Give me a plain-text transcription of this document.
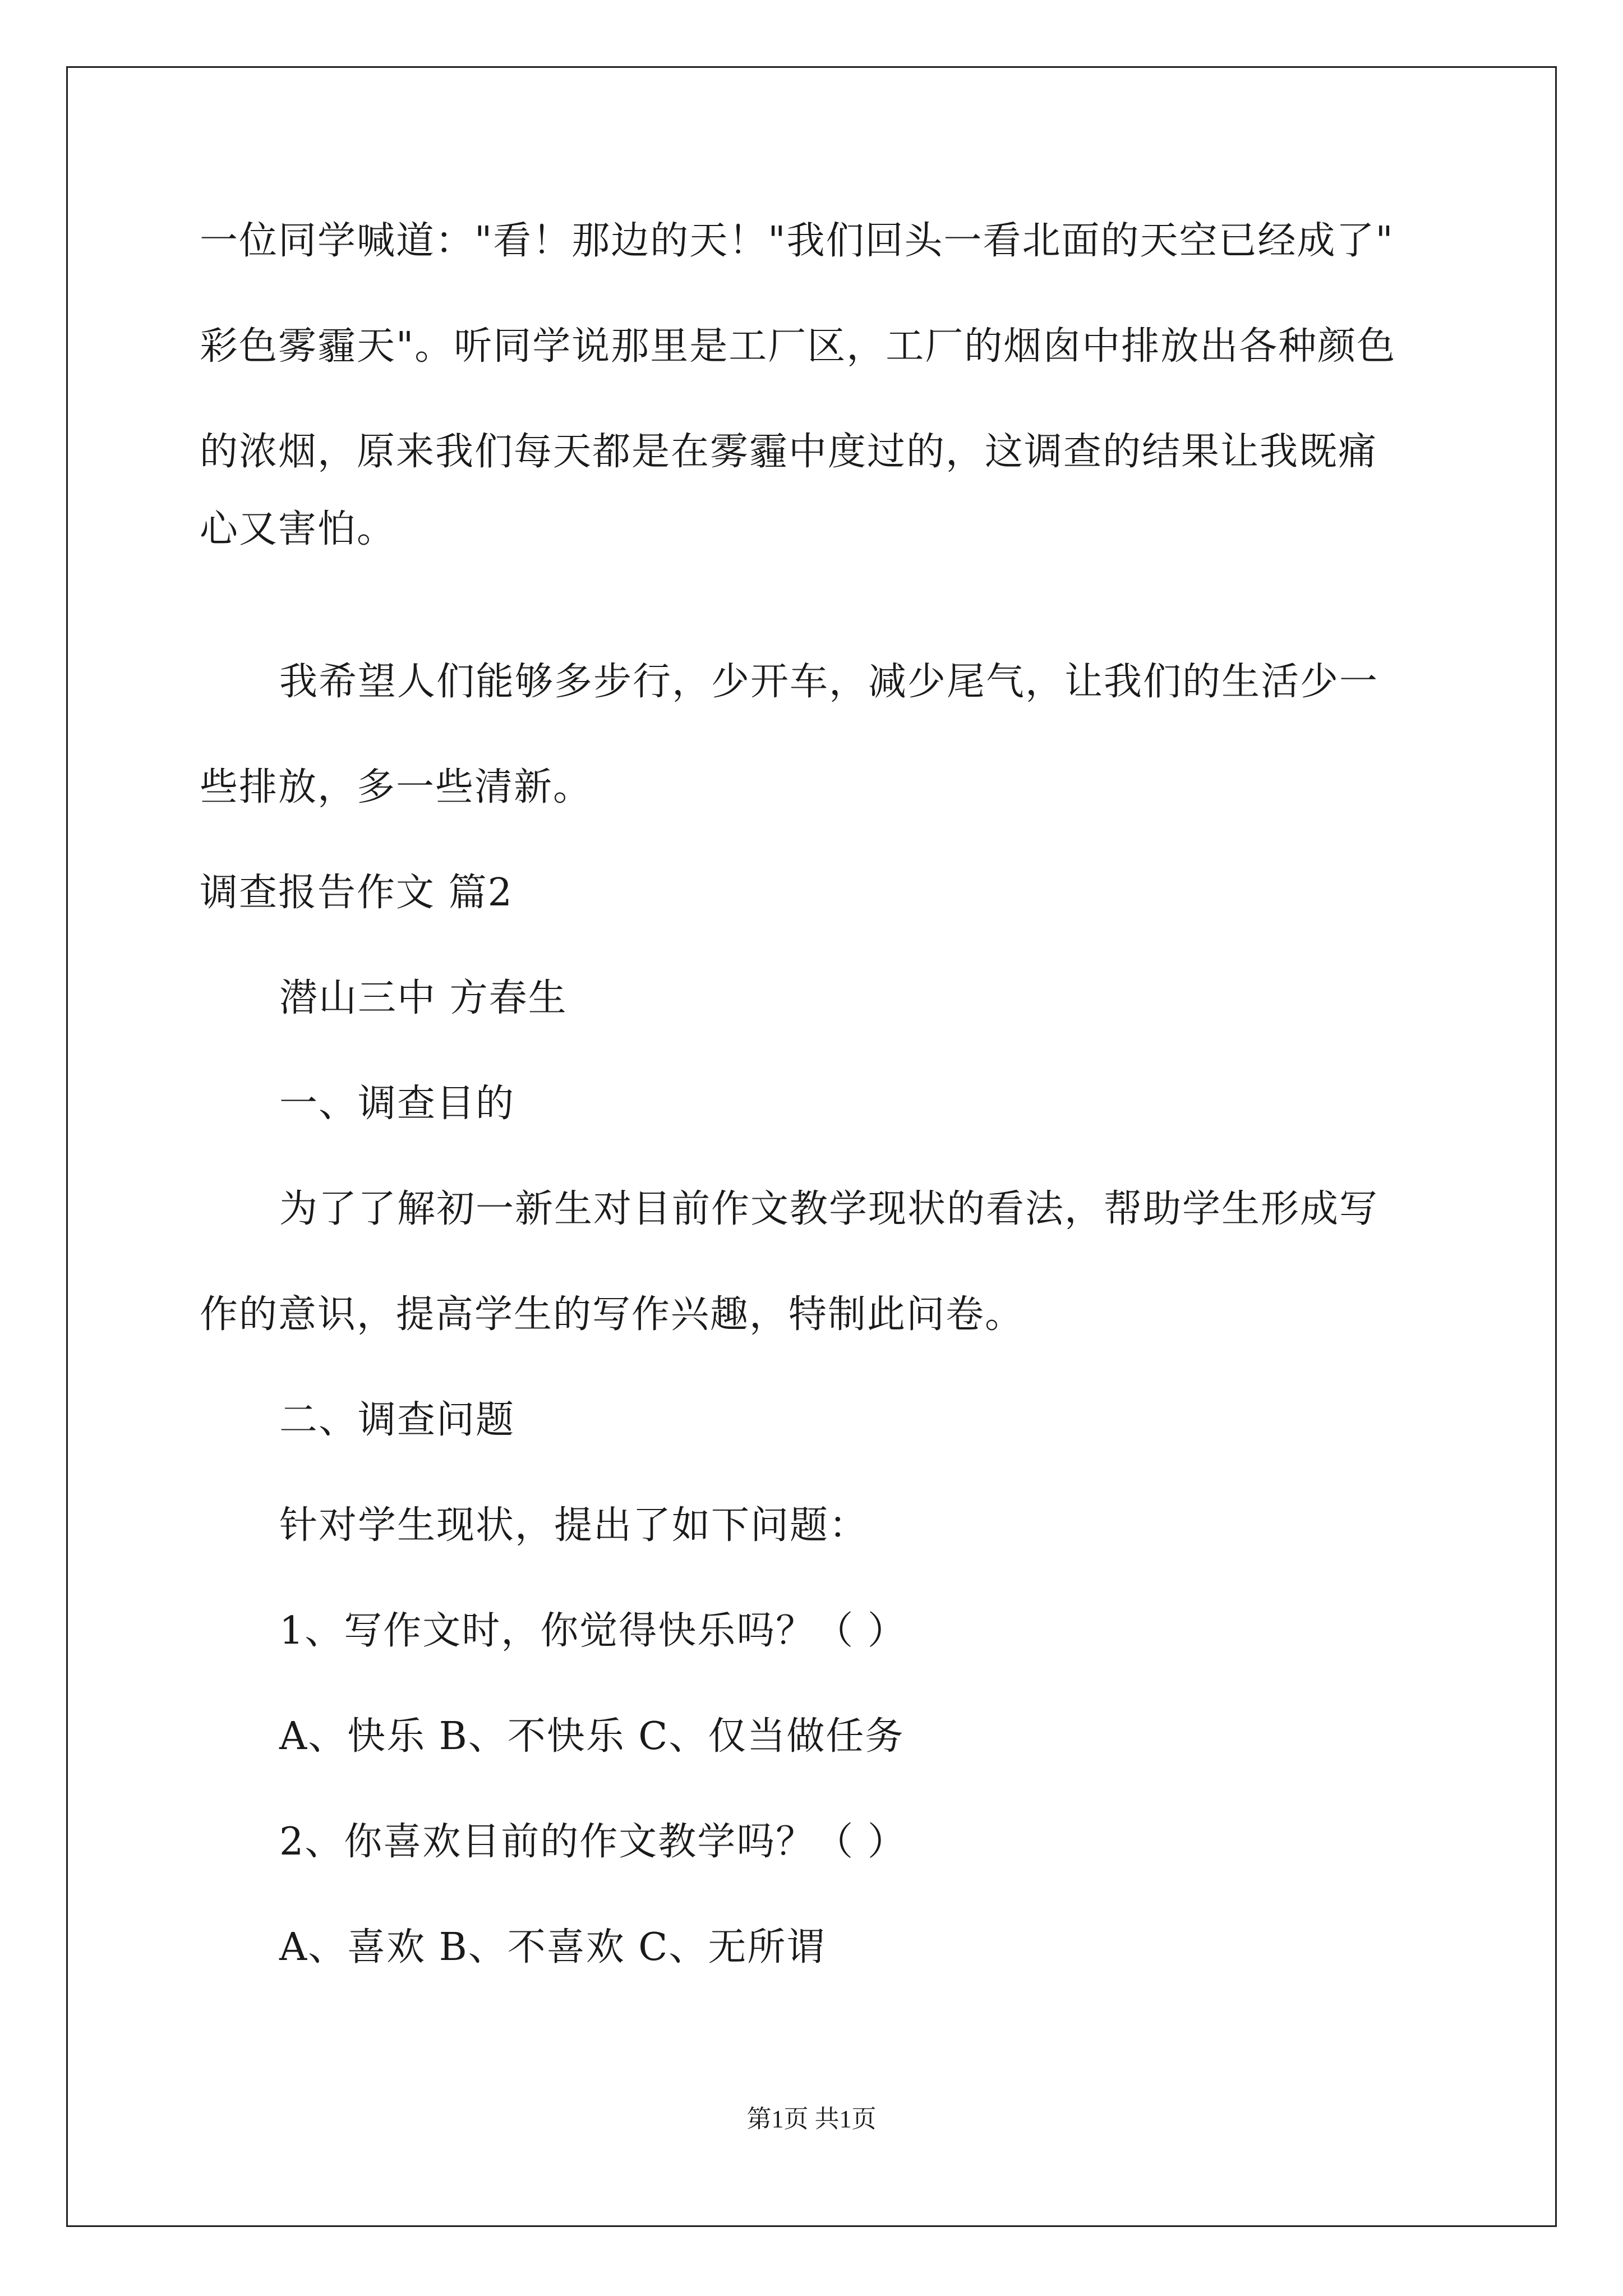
一位同学喊道："看！那边的天！"我们回头一看北面的天空已经成了"
彩色雾霾天"。听同学说那里是工厂区，工厂的烟囱中排放出各种颜色
的浓烟，原来我们每天都是在雾霾中度过的，这调查的结果让我既痛
心又害怕。
我希望人们能够多步行，少开车，减少尾气，让我们的生活少一
些排放，多一些清新。
调查报告作文 篇2
潜山三中 方春生
一、调查目的
为了了解初一新生对目前作文教学现状的看法，帮助学生形成写
作的意识，提高学生的写作兴趣，特制此问卷。
二、调查问题
针对学生现状，提出了如下问题：
1、写作文时，你觉得快乐吗？（ ）
A、快乐 B、不快乐 C、仅当做任务
2、你喜欢目前的作文教学吗？（ ）
A、喜欢 B、不喜欢 C、无所谓
第1页 共1页
